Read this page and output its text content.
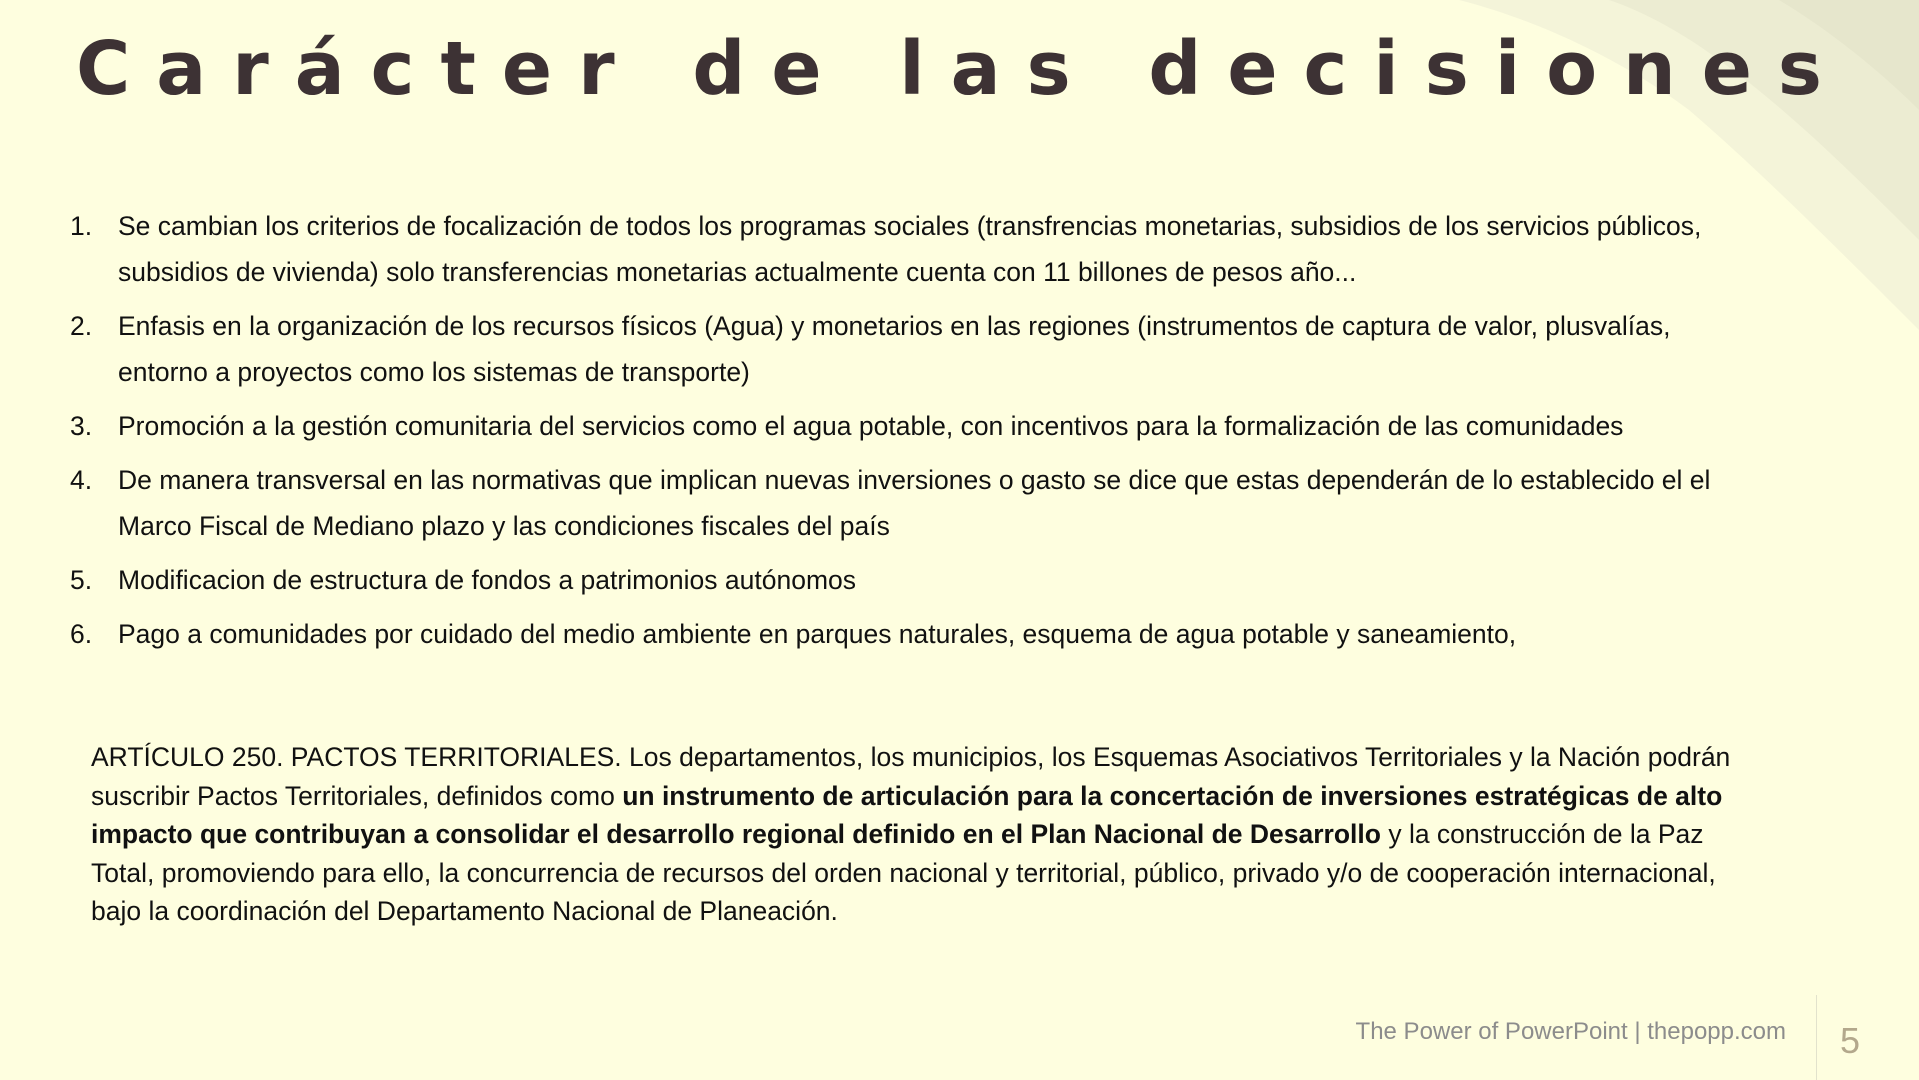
Carácter de las decisiones
1. Se cambian los criterios de focalización de todos los programas sociales (transfrencias monetarias, subsidios de los servicios públicos, subsidios de vivienda) solo transferencias monetarias actualmente cuenta con 11 billones de pesos año...
2. Enfasis en la organización de los recursos físicos (Agua) y monetarios en las regiones (instrumentos de captura de valor, plusvalías, entorno a proyectos como los sistemas de transporte)
3. Promoción a la gestión comunitaria del servicios como el agua potable, con incentivos para la formalización de las comunidades
4. De manera transversal en las normativas que implican nuevas inversiones o gasto se dice que estas dependerán de lo establecido el el Marco Fiscal de Mediano plazo y las condiciones fiscales del país
5. Modificacion de estructura de fondos a patrimonios autónomos
6. Pago a comunidades por cuidado del medio ambiente en parques naturales, esquema de agua potable y saneamiento,

ARTÍCULO 250. PACTOS TERRITORIALES. Los departamentos, los municipios, los Esquemas Asociativos Territoriales y la Nación podrán suscribir Pactos Territoriales, definidos como un instrumento de articulación para la concertación de inversiones estratégicas de alto impacto que contribuyan a consolidar el desarrollo regional definido en el Plan Nacional de Desarrollo y la construcción de la Paz Total, promoviendo para ello, la concurrencia de recursos del orden nacional y territorial, público, privado y/o de cooperación internacional, bajo la coordinación del Departamento Nacional de Planeación.

The Power of PowerPoint | thepopp.com 5
